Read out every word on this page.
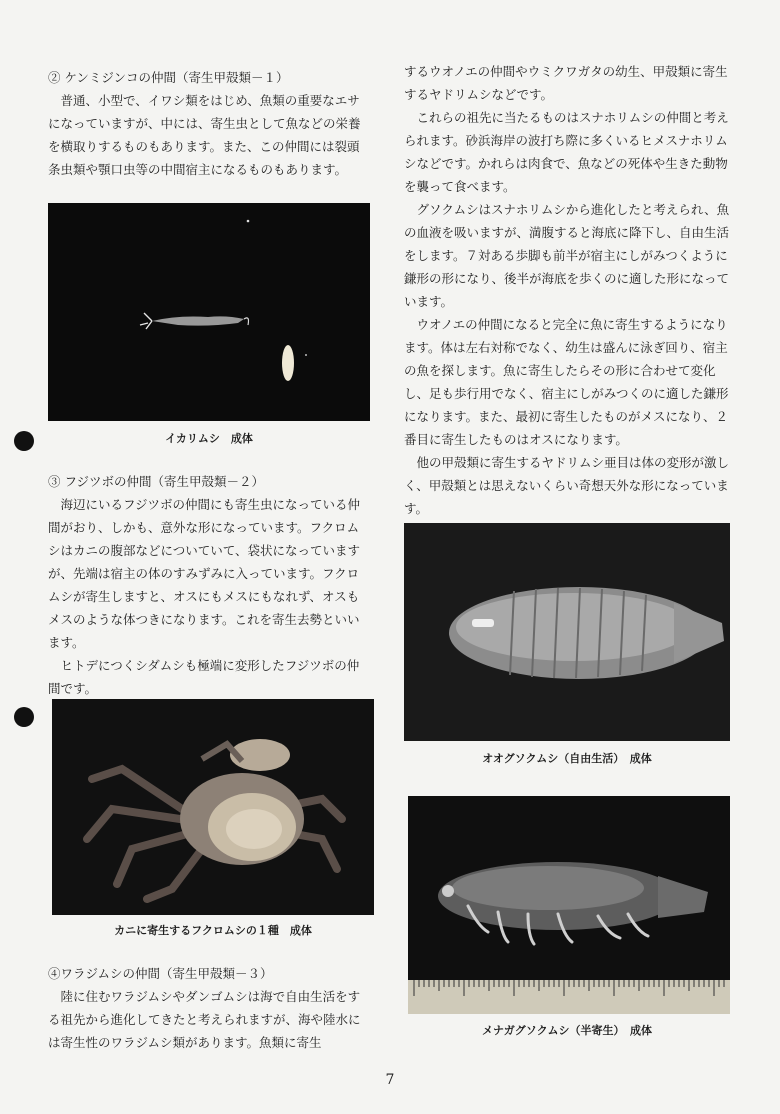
② ケンミジンコの仲間（寄生甲殻類－１）

普通、小型で、イワシ類をはじめ、魚類の重要なエサになっていますが、中には、寄生虫として魚などの栄養を横取りするものもあります。また、この仲間には裂頭条虫類や顎口虫等の中間宿主になるものもあります。

イカリムシ　成体

③ フジツボの仲間（寄生甲殻類－２）

海辺にいるフジツボの仲間にも寄生虫になっている仲間がおり、しかも、意外な形になっています。フクロムシはカニの腹部などについていて、袋状になっていますが、先端は宿主の体のすみずみに入っています。フクロムシが寄生しますと、オスにもメスにもなれず、オスもメスのような体つきになります。これを寄生去勢といいます。

ヒトデにつくシダムシも極端に変形したフジツボの仲間です。

カニに寄生するフクロムシの１種　成体

④ワラジムシの仲間（寄生甲殻類－３）

陸に住むワラジムシやダンゴムシは海で自由生活をする祖先から進化してきたと考えられますが、海や陸水には寄生性のワラジムシ類があります。魚類に寄生

するウオノエの仲間やウミクワガタの幼生、甲殻類に寄生するヤドリムシなどです。

これらの祖先に当たるものはスナホリムシの仲間と考えられます。砂浜海岸の波打ち際に多くいるヒメスナホリムシなどです。かれらは肉食で、魚などの死体や生きた動物を襲って食べます。

グソクムシはスナホリムシから進化したと考えられ、魚の血液を吸いますが、満腹すると海底に降下し、自由生活をします。７対ある歩脚も前半が宿主にしがみつくように鎌形の形になり、後半が海底を歩くのに適した形になっています。

ウオノエの仲間になると完全に魚に寄生するようになります。体は左右対称でなく、幼生は盛んに泳ぎ回り、宿主の魚を探します。魚に寄生したらその形に合わせて変化し、足も歩行用でなく、宿主にしがみつくのに適した鎌形になります。また、最初に寄生したものがメスになり、２番目に寄生したものはオスになります。

他の甲殻類に寄生するヤドリムシ亜目は体の変形が激しく、甲殻類とは思えないくらい奇想天外な形になっています。

オオグソクムシ（自由生活）　成体
メナガグソクムシ（半寄生）　成体
7
